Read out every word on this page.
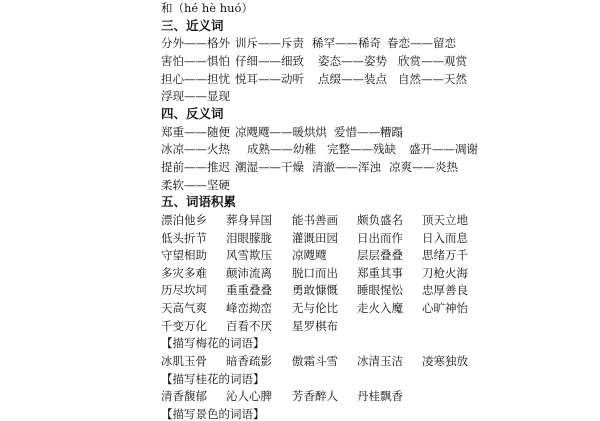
和（hé hè huó）
三、近义词
分外——格外 训斥——斥责 稀罕——稀奇 眷恋——留恋
害怕——惧怕 仔细——细致 姿态——姿势 欣赏——观赏
担心——担忧 悦耳——动听 点缀——装点 自然——天然
浮现——显现
四、反义词
郑重——随便 凉飕飕——暖烘烘 爱惜——糟蹋
冰凉——火热 成熟——幼稚 完整——残缺 盛开——凋谢
提前——推迟 潮湿——干燥 清澈——浑浊 凉爽——炎热
柔软——坚硬
五、词语积累
漂泊他乡 葬身异国 能书善画 颇负盛名 顶天立地
低头折节 泪眼朦胧 灌溉田园 日出而作 日入而息
守望相助 风雪欺压 凉飕飕	层层叠叠 思绪万千
多灾多难 颠沛流离 脱口而出 郑重其事 刀枪火海
历尽坎坷 重重叠叠 勇敢慷慨 睡眼惺忪 忠厚善良
天高气爽 峰峦拗峦 无与伦比 走火入魔 心旷神怡
千变万化 百看不厌 星罗棋布
【描写梅花的词语】
冰肌玉骨 暗香疏影 傲霜斗雪 冰清玉洁 凌寒独放
【描写桂花的词语】
清香馥郁 沁人心脾 芳香醉人 丹桂飘香
【描写景色的词语】
